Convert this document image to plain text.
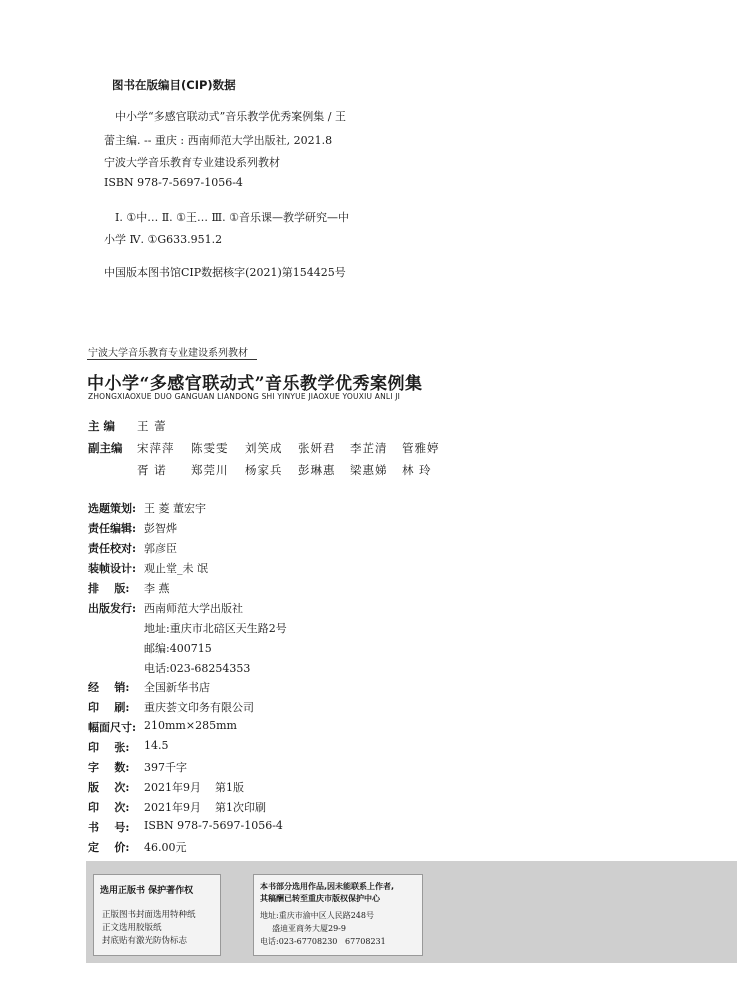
图书在版编目(CIP)数据
中小学“多感官联动式”音乐教学优秀案例集 / 王
蕾主编. -- 重庆 : 西南师范大学出版社, 2021.8
宁波大学音乐教育专业建设系列教材
ISBN 978-7-5697-1056-4
Ⅰ. ①中… Ⅱ. ①王… Ⅲ. ①音乐课—教学研究—中
小学 Ⅳ. ①G633.951.2
中国版本图书馆CIP数据核字(2021)第154425号
宁波大学音乐教育专业建设系列教材
中小学“多感官联动式”音乐教学优秀案例集
ZHONGXIAOXUE DUO GANGUAN LIANDONG SHI YINYUE JIAOXUE YOUXIU ANLI JI
主 编 王 蕾
副主编 宋萍萍 陈雯雯 刘笑成 张妍君 李芷清 管雅婷
胥 诺 郑莞川 杨家兵 彭琳惠 梁惠娣 林 玲
选题策划: 王 菱 董宏宇
责任编辑: 彭智烨
责任校对: 郭彦臣
装帧设计: 观止堂_未 氓
排    版: 李 燕
出版发行: 西南师范大学出版社
地址:重庆市北碚区天生路2号
邮编:400715
电话:023-68254353
经    销: 全国新华书店
印    刷: 重庆荟文印务有限公司
幅面尺寸: 210mm×285mm
印    张: 14.5
字    数: 397千字
版    次: 2021年9月    第1版
印    次: 2021年9月    第1次印刷
书    号: ISBN 978-7-5697-1056-4
定    价: 46.00元
选用正版书 保护著作权
正版图书封面选用特种纸
正文选用胶版纸
封底贴有激光防伪标志
本书部分选用作品,因未能联系上作者,
其稿酬已转至重庆市版权保护中心
地址:重庆市渝中区人民路248号
盛迪亚商务大厦29-9
电话:023-67708230   67708231
